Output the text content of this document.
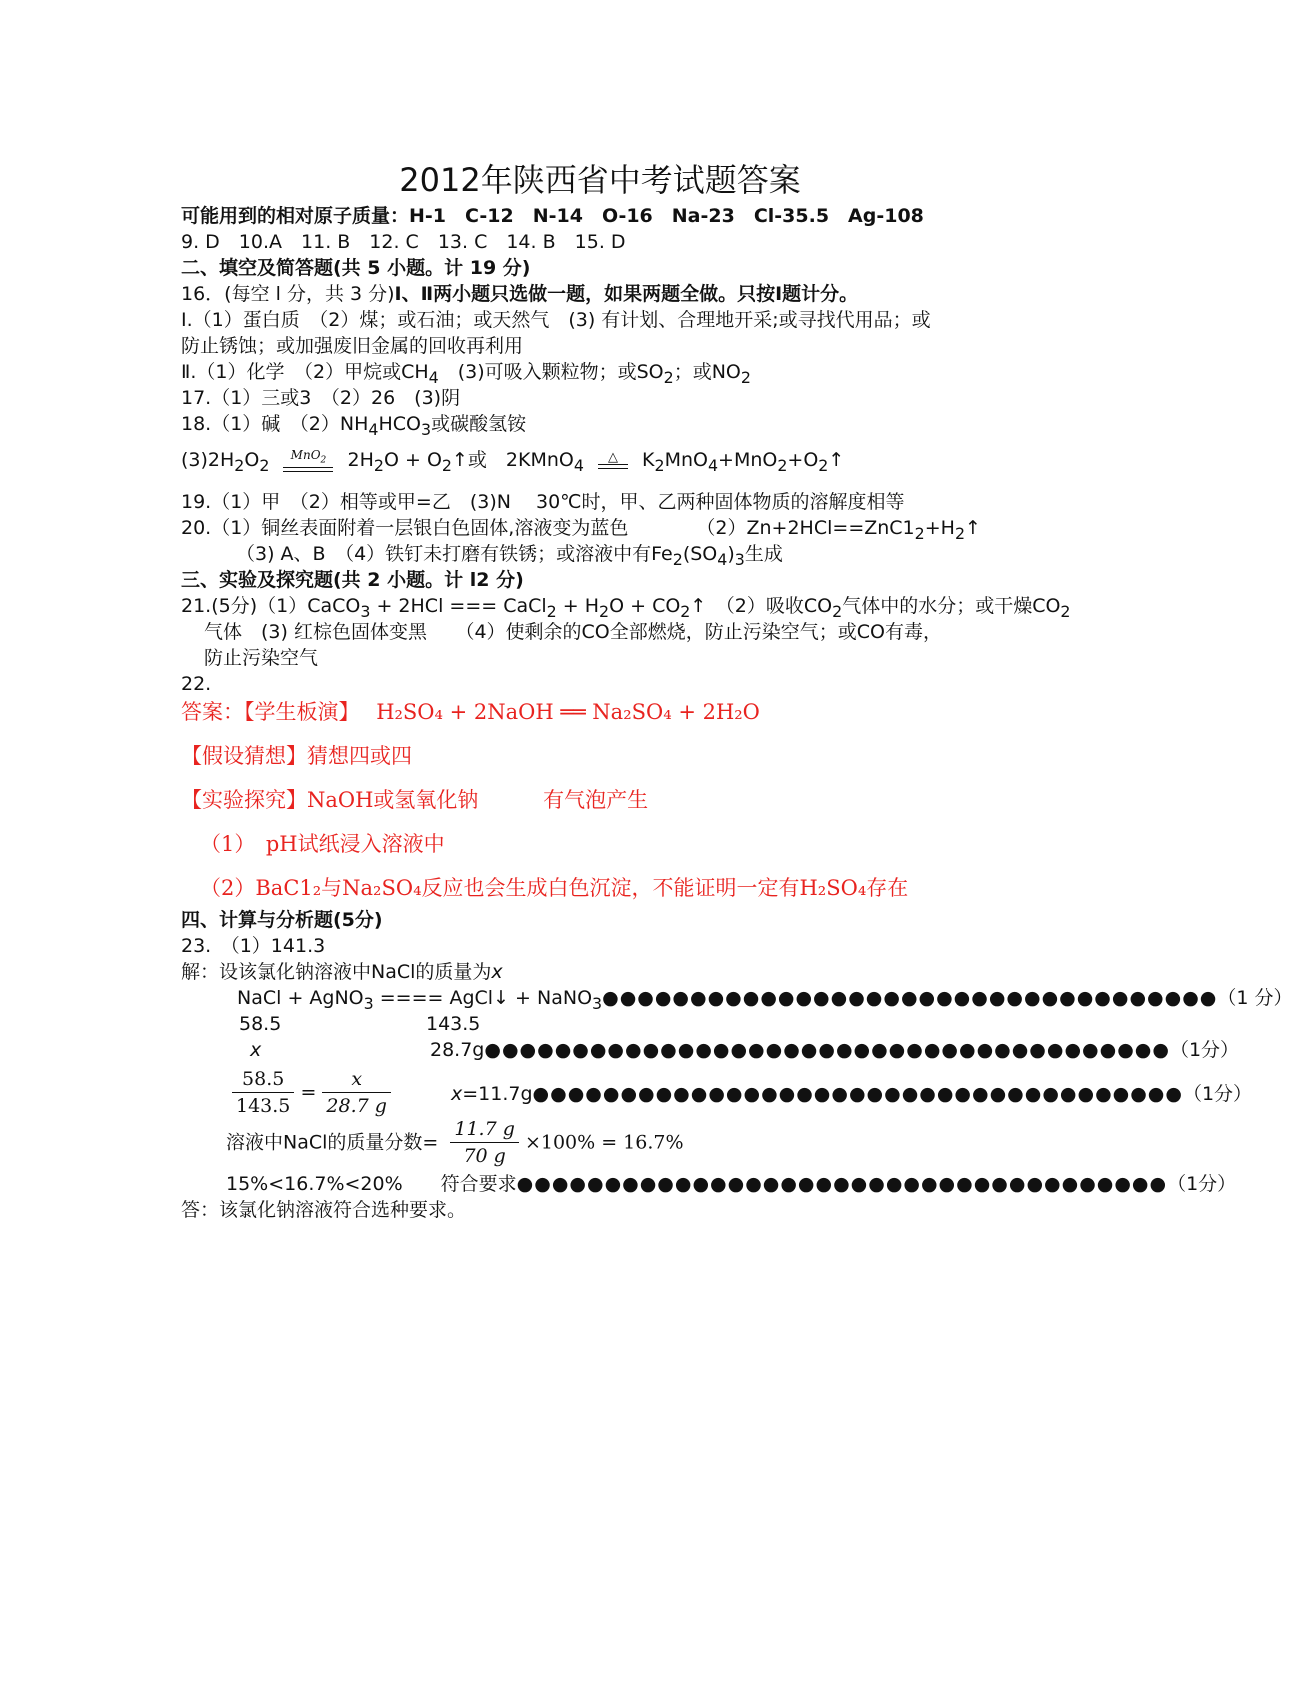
2012年陕西省中考试题答案
可能用到的相对原子质量：H-1　C-12　N-14　O-16　Na-23　Cl-35.5　Ag-108
9. D　10.A　11. B　12. C　13. C　14. B　15. D
二、填空及简答题(共 5 小题。计 19 分)
16．(每空 l 分，共 3 分)Ⅰ、Ⅱ两小题只选做一题，如果两题全做。只按Ⅰ题计分。
I.（1）蛋白质　（2）煤；或石油；或天然气　(3) 有计划、合理地开采;或寻找代用品；或
防止锈蚀；或加强废旧金属的回收再利用
Ⅱ.（1）化学　（2）甲烷或$CH_4$　(3)可吸入颗粒物；或$SO_2$；或$NO_2$
17.（1）三或3　（2）26　(3)阴
18.（1）碱　$(2)NH_4HCO_3$或碳酸氢铵
$(3)2H_2O_2$
MnO$_2$	$2H_2O$ + $O_2↑$或　2KMnO$_4$	△	$K_2MnO_4+MnO_2+O_2↑$
19.（1）甲　（2）相等或甲=乙　(3)N　 30℃时，甲、乙两种固体物质的溶解度相等
20.（1）铜丝表面附着一层银白色固体,溶液变为蓝色	$(2)Zn+2HCl==ZnC1_2+H_2↑$
（3) A、B　（4）铁钉未打磨有铁锈；或溶液中有$Fe_2(SO_4)_3$生成
三、实验及探究题(共 2 小题。计 l2 分)
21.(5分)（1）CaCO$_3$ + 2HCl === CaCl$_2$ + $H_2O$ + $CO_2↑$　（2）吸收$CO_2$气体中的水分；或干燥$CO_2$
气体　(3) 红棕色固体变黑　　（4）使剩余的CO全部燃烧，防止污染空气；或CO有毒，
防止污染空气
22.
答案：【学生板演】 H₂SO₄ + 2NaOH ══ Na₂SO₄ + 2H₂O
【假设猜想】猜想四或四
【实验探究】NaOH或氢氧化钠	有气泡产生
（1）　pH试纸浸入溶液中
（2）BaC1₂与Na₂SO₄反应也会生成白色沉淀，不能证明一定有H₂SO₄存在
四、计算与分析题(5分)
23.　（1）141.3
解：设该氯化钠溶液中NaCl的质量为x
NaCl + AgNO$_3$ ==== AgCl↓ + NaNO$_3$●●●●●●●●●●●●●●●●●●●●●●●●●●●●●●●●●●●（1 分）
58.5	143.5
x	28.7g●●●●●●●●●●●●●●●●●●●●●●●●●●●●●●●●●●●●●●●（1分）
$\frac{58.5}{143.5} = \frac{x}{28.7 g}$	x=11.7g●●●●●●●●●●●●●●●●●●●●●●●●●●●●●●●●●●●●●（1分）
溶液中NaCl的质量分数= $\frac{11.7 g}{70 g} \times 100\% = 16.7\%$
15%<16.7%<20%　　符合要求●●●●●●●●●●●●●●●●●●●●●●●●●●●●●●●●●●●●●（1分）
答：该氯化钠溶液符合选种要求。
